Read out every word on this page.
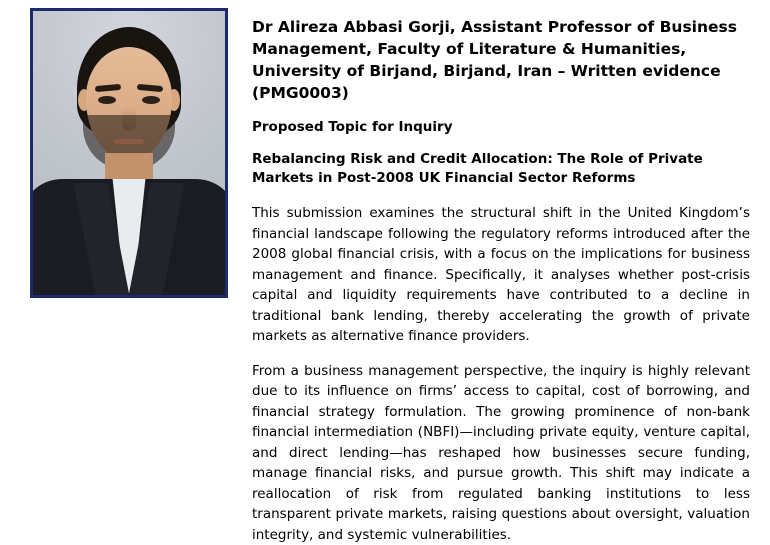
Dr Alireza Abbasi Gorji, Assistant Professor of Business Management, Faculty of Literature & Humanities, University of Birjand, Birjand, Iran – Written evidence (PMG0003)
Proposed Topic for Inquiry
Rebalancing Risk and Credit Allocation: The Role of Private Markets in Post-2008 UK Financial Sector Reforms

This submission examines the structural shift in the United Kingdom’s financial landscape following the regulatory reforms introduced after the 2008 global financial crisis, with a focus on the implications for business management and finance. Specifically, it analyses whether post-crisis capital and liquidity requirements have contributed to a decline in traditional bank lending, thereby accelerating the growth of private markets as alternative finance providers.

From a business management perspective, the inquiry is highly relevant due to its influence on firms’ access to capital, cost of borrowing, and financial strategy formulation. The growing prominence of non-bank financial intermediation (NBFI)—including private equity, venture capital, and direct lending—has reshaped how businesses secure funding, manage financial risks, and pursue growth. This shift may indicate a reallocation of risk from regulated banking institutions to less transparent private markets, raising questions about oversight, valuation integrity, and systemic vulnerabilities.
